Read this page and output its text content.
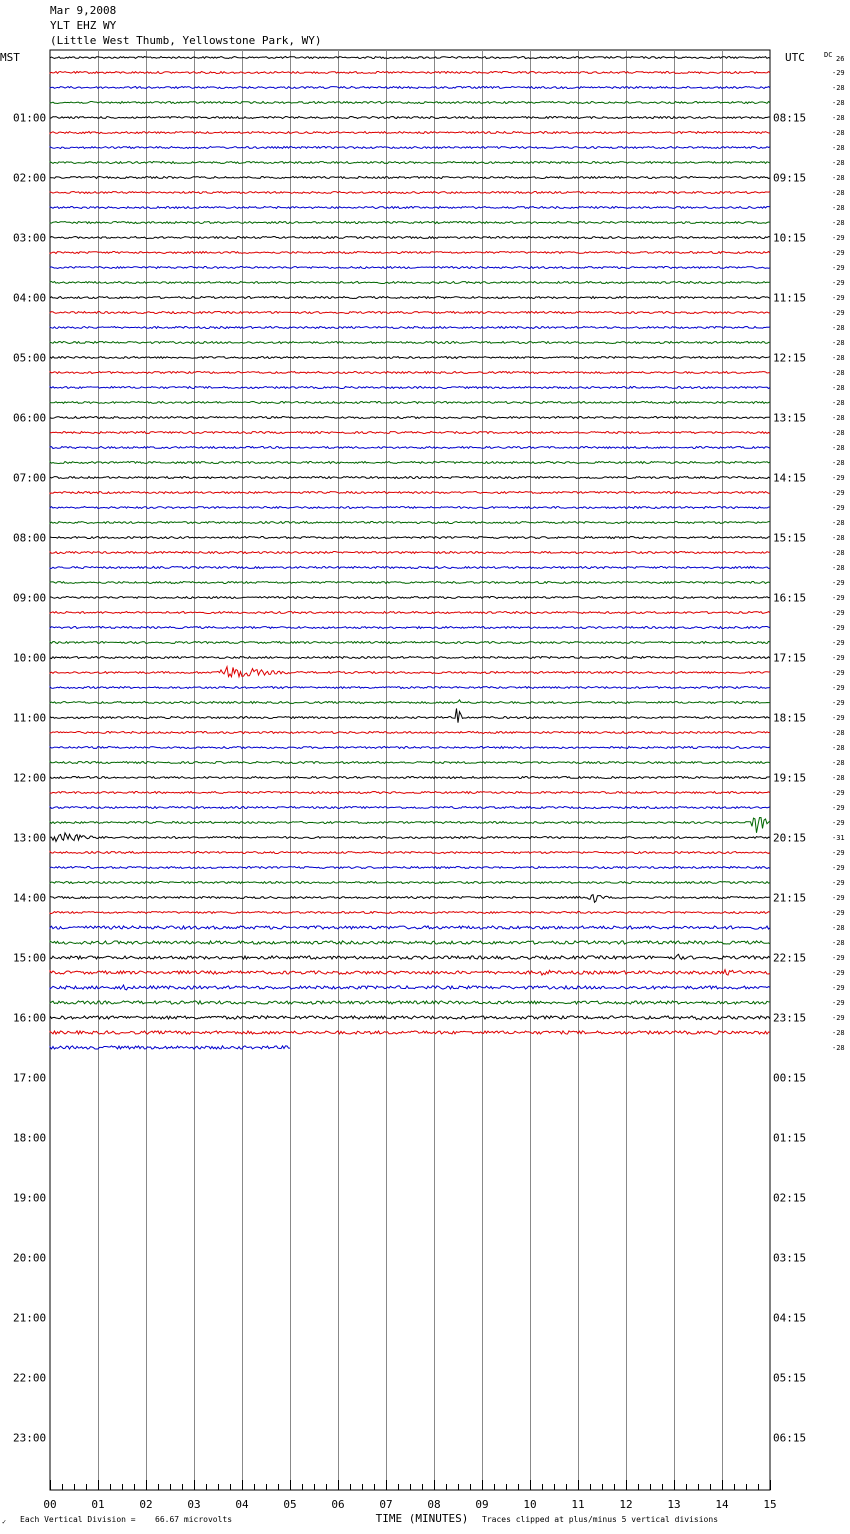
Mar 9,2008
YLT EHZ WY
(Little West Thumb, Yellowstone Park, WY)
DC 26
-29
-28
-28
-28
-28
-28
-28
-28
-28
-28
-28
-29
-29
-29
-29
-29
-29
-28
-28
-28
-28
-28
-28
-28
-28
-28
-28
-29
-29
-29
-28
-28
-28
-28
-29
-29
-29
-29
-29
-29
-29
-29
-29
-29
-28
-28
-28
-28
-29
-29
-29
-31
-29
-29
-29
-29
-29
-28
-28
-29
-29
-29
-29
-29
-28
-28
MST	UTC
01:00
02:00
03:00
04:00
05:00
06:00
07:00
08:00
09:00
10:00
11:00
12:00
13:00
14:00
15:00
16:00
17:00
18:00
19:00
20:00
21:00
22:00
23:00
08:15
09:15
10:15
11:15
12:15
13:15
14:15
15:15
16:15
17:15
18:15
19:15
20:15
21:15
22:15
23:15
00:15
01:15
02:15
03:15
04:15
05:15
06:15
00	01	02	03	04	05	06	07	08	09	10	11	12	13	14	15
TIME (MINUTES)
✓ Each Vertical Division = 66.67 microvolts	Traces clipped at plus/minus 5 vertical divisions
